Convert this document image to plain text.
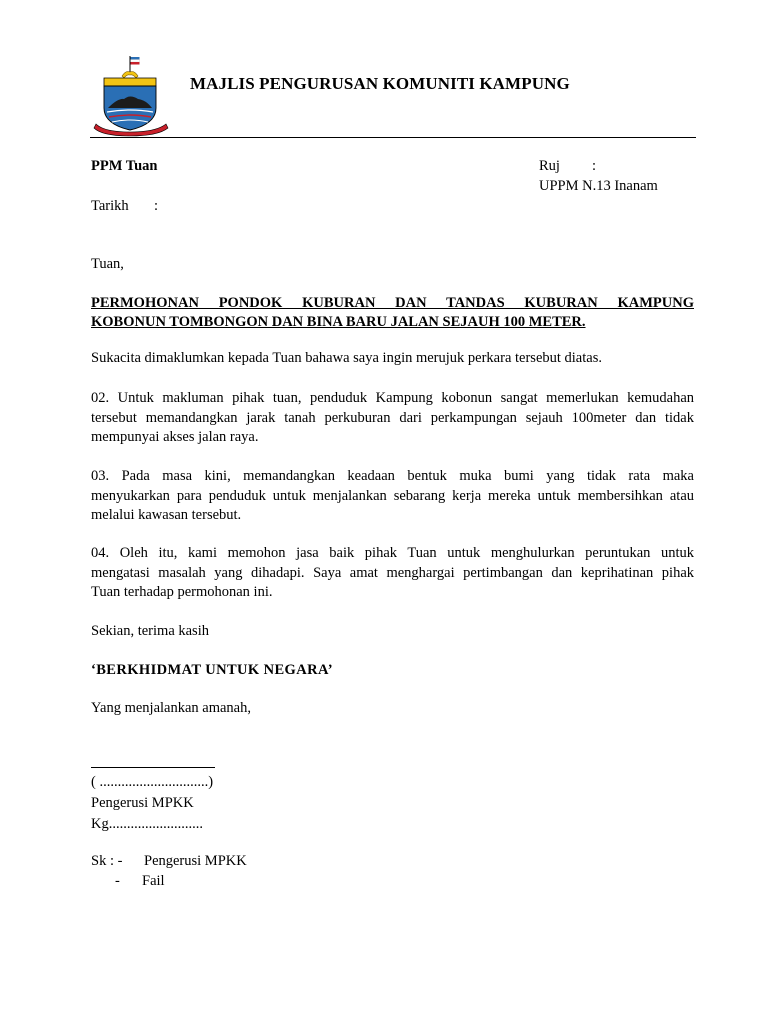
MAJLIS PENGURUSAN KOMUNITI KAMPUNG
PPM Tuan	Ruj :
UPPM N.13 Inanam
Tarikh :
Tuan,
PERMOHONAN PONDOK KUBURAN DAN TANDAS KUBURAN KAMPUNG
KOBONUN TOMBONGON DAN BINA BARU JALAN SEJAUH 100 METER.
Sukacita dimaklumkan kepada Tuan bahawa saya ingin merujuk perkara tersebut diatas.
02. Untuk makluman pihak tuan, penduduk Kampung kobonun sangat memerlukan kemudahan
tersebut memandangkan jarak tanah perkuburan dari perkampungan sejauh 100meter dan tidak
mempunyai akses jalan raya.
03. Pada masa kini, memandangkan keadaan bentuk muka bumi yang tidak rata maka
menyukarkan para penduduk untuk menjalankan sebarang kerja mereka untuk membersihkan atau
melalui kawasan tersebut.
04. Oleh itu, kami memohon jasa baik pihak Tuan untuk menghulurkan peruntukan untuk
mengatasi masalah yang dihadapi. Saya amat menghargai pertimbangan dan keprihatinan pihak
Tuan terhadap permohonan ini.
Sekian, terima kasih
‘BERKHIDMAT UNTUK NEGARA’
Yang menjalankan amanah,
( ..............................)
Pengerusi MPKK
Kg..........................
Sk : - Pengerusi MPKK
- Fail
